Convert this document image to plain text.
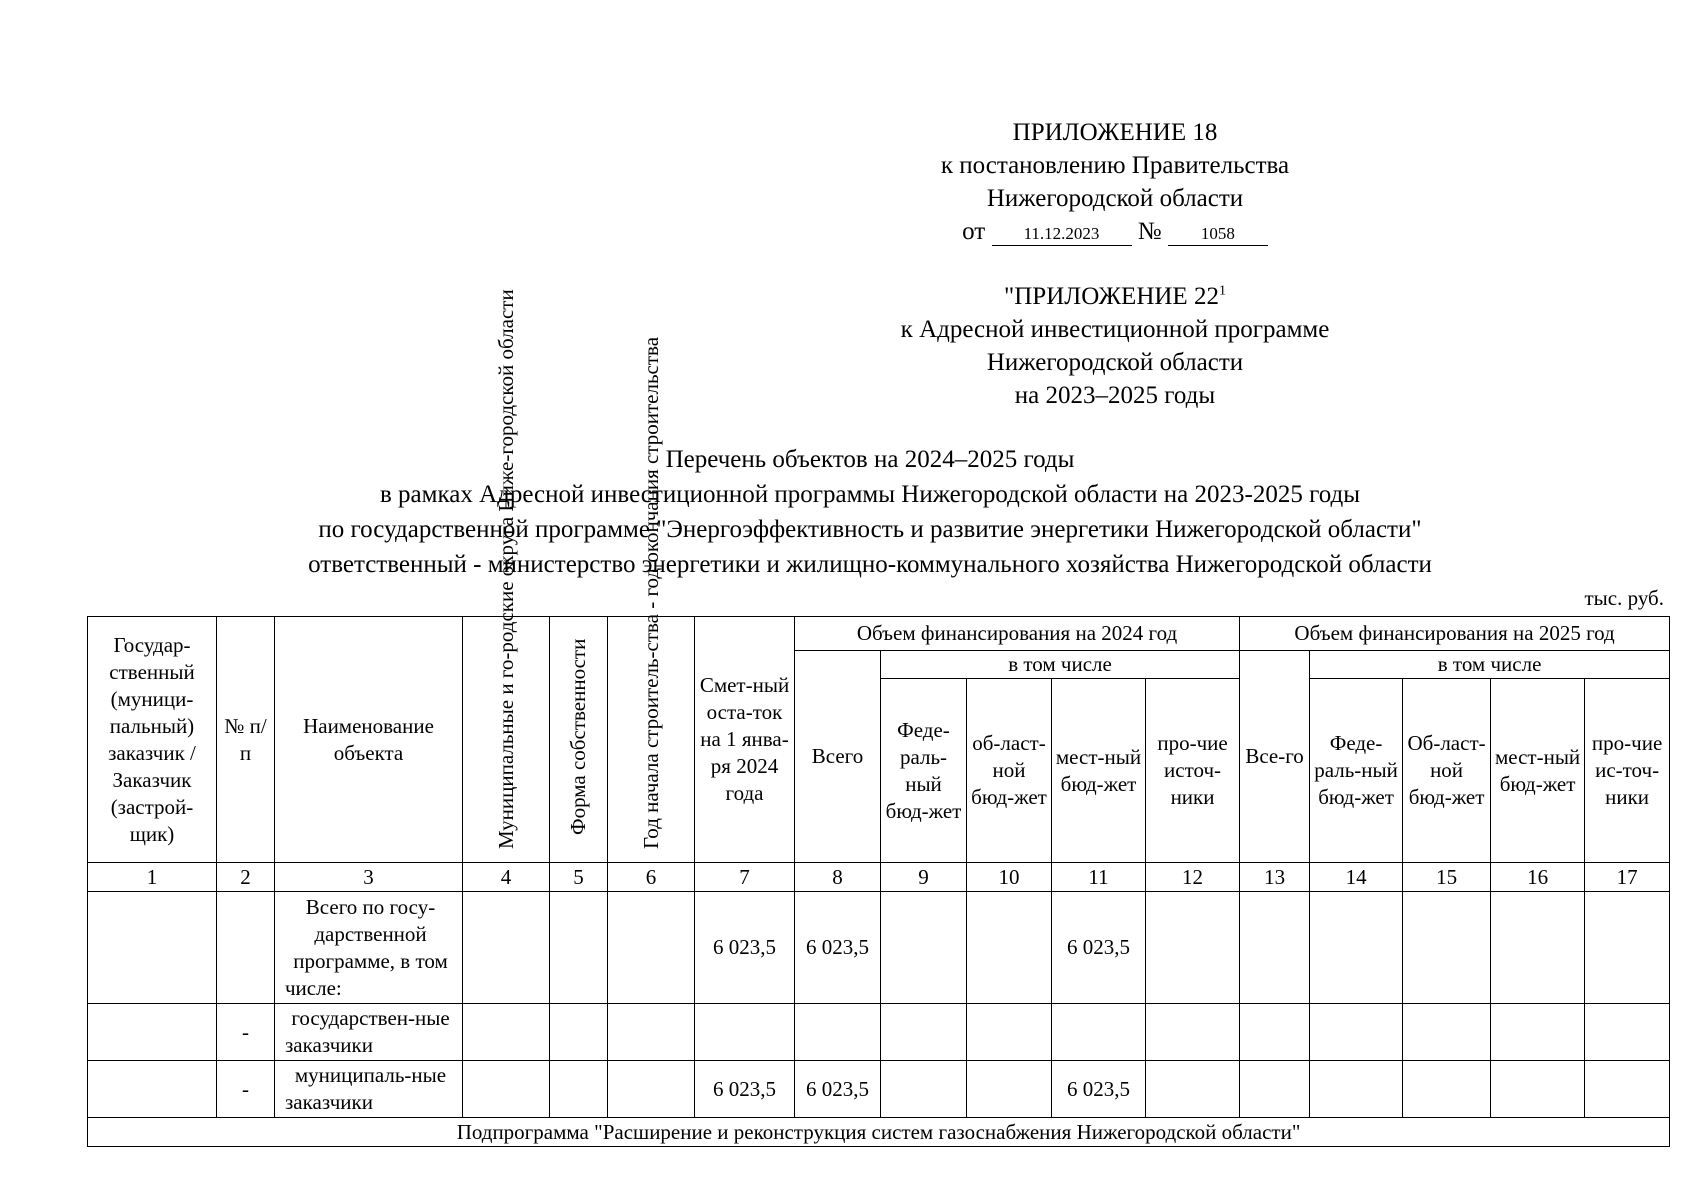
ПРИЛОЖЕНИЕ 18
к постановлению Правительства
Нижегородской области
от 11.12.2023 № 1058
"ПРИЛОЖЕНИЕ $22^1$
к Адресной инвестиционной программе
Нижегородской области
на 2023–2025 годы
Перечень объектов на 2024–2025 годы
в рамках Адресной инвестиционной программы Нижегородской области на 2023-2025 годы
по государственной программе "Энергоэффективность и развитие энергетики Нижегородской области"
ответственный - министерство энергетики и жилищно-коммунального хозяйства Нижегородской области
тыс. руб.
Государ-ственный (муници-пальный) заказчик / Заказчик (застрой-щик)	№ п/п	Наименование объекта	Муниципальные и го-родские округа Ниже-городской области	Форма собственности	Год начала строитель-ства - год окончания строительства	Смет-ный оста-ток на 1 янва-ря 2024 года	Объем финансирования на 2024 год					Объем финансирования на 2025 год				
							Всего	в том числе				Все-го	в том числе			
								Феде-раль-ный бюд-жет	об-ласт-ной бюд-жет	мест-ный бюд-жет	про-чие источ-ники		Феде-раль-ный бюд-жет	Об-ласт-ной бюд-жет	мест-ный бюд-жет	про-чие ис-точ-ники
1	2	3	4	5	6	7	8	9	10	11	12	13	14	15	16	17
		Всего по госу-дарственной программе, в том числе:				6 023,5	6 023,5			6 023,5						
	-	государствен-ные заказчики														
	-	муниципаль-ные заказчики				6 023,5	6 023,5			6 023,5						
Подпрограмма "Расширение и реконструкция систем газоснабжения Нижегородской области"																
